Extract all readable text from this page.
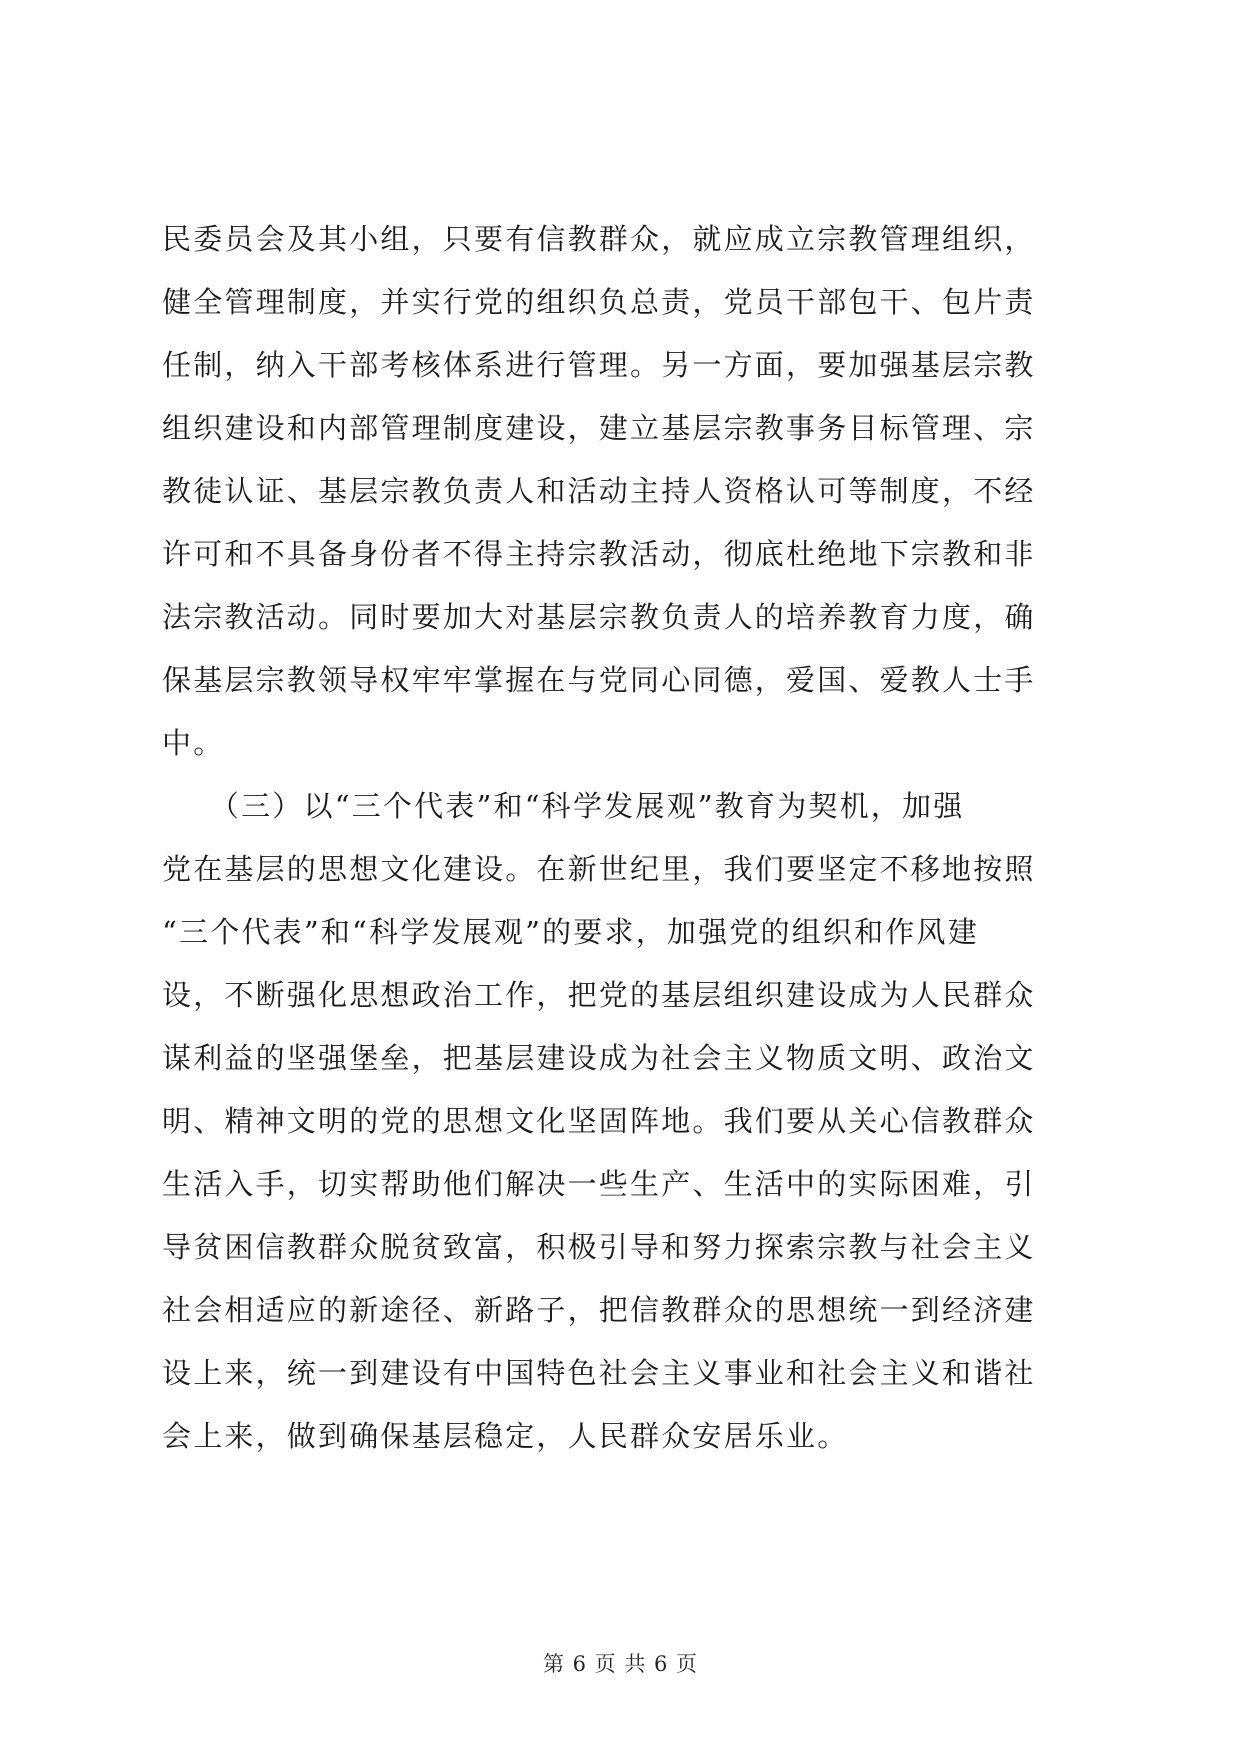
民委员会及其小组，只要有信教群众，就应成立宗教管理组织，
健全管理制度，并实行党的组织负总责，党员干部包干、包片责
任制，纳入干部考核体系进行管理。另一方面，要加强基层宗教
组织建设和内部管理制度建设，建立基层宗教事务目标管理、宗
教徒认证、基层宗教负责人和活动主持人资格认可等制度，不经
许可和不具备身份者不得主持宗教活动，彻底杜绝地下宗教和非
法宗教活动。同时要加大对基层宗教负责人的培养教育力度，确
保基层宗教领导权牢牢掌握在与党同心同德，爱国、爱教人士手
中。
　　（三）以“三个代表”和“科学发展观”教育为契机，加强
党在基层的思想文化建设。在新世纪里，我们要坚定不移地按照
“三个代表”和“科学发展观”的要求，加强党的组织和作风建
设，不断强化思想政治工作，把党的基层组织建设成为人民群众
谋利益的坚强堡垒，把基层建设成为社会主义物质文明、政治文
明、精神文明的党的思想文化坚固阵地。我们要从关心信教群众
生活入手，切实帮助他们解决一些生产、生活中的实际困难，引
导贫困信教群众脱贫致富，积极引导和努力探索宗教与社会主义
社会相适应的新途径、新路子，把信教群众的思想统一到经济建
设上来，统一到建设有中国特色社会主义事业和社会主义和谐社
会上来，做到确保基层稳定，人民群众安居乐业。
第 6 页 共 6 页
